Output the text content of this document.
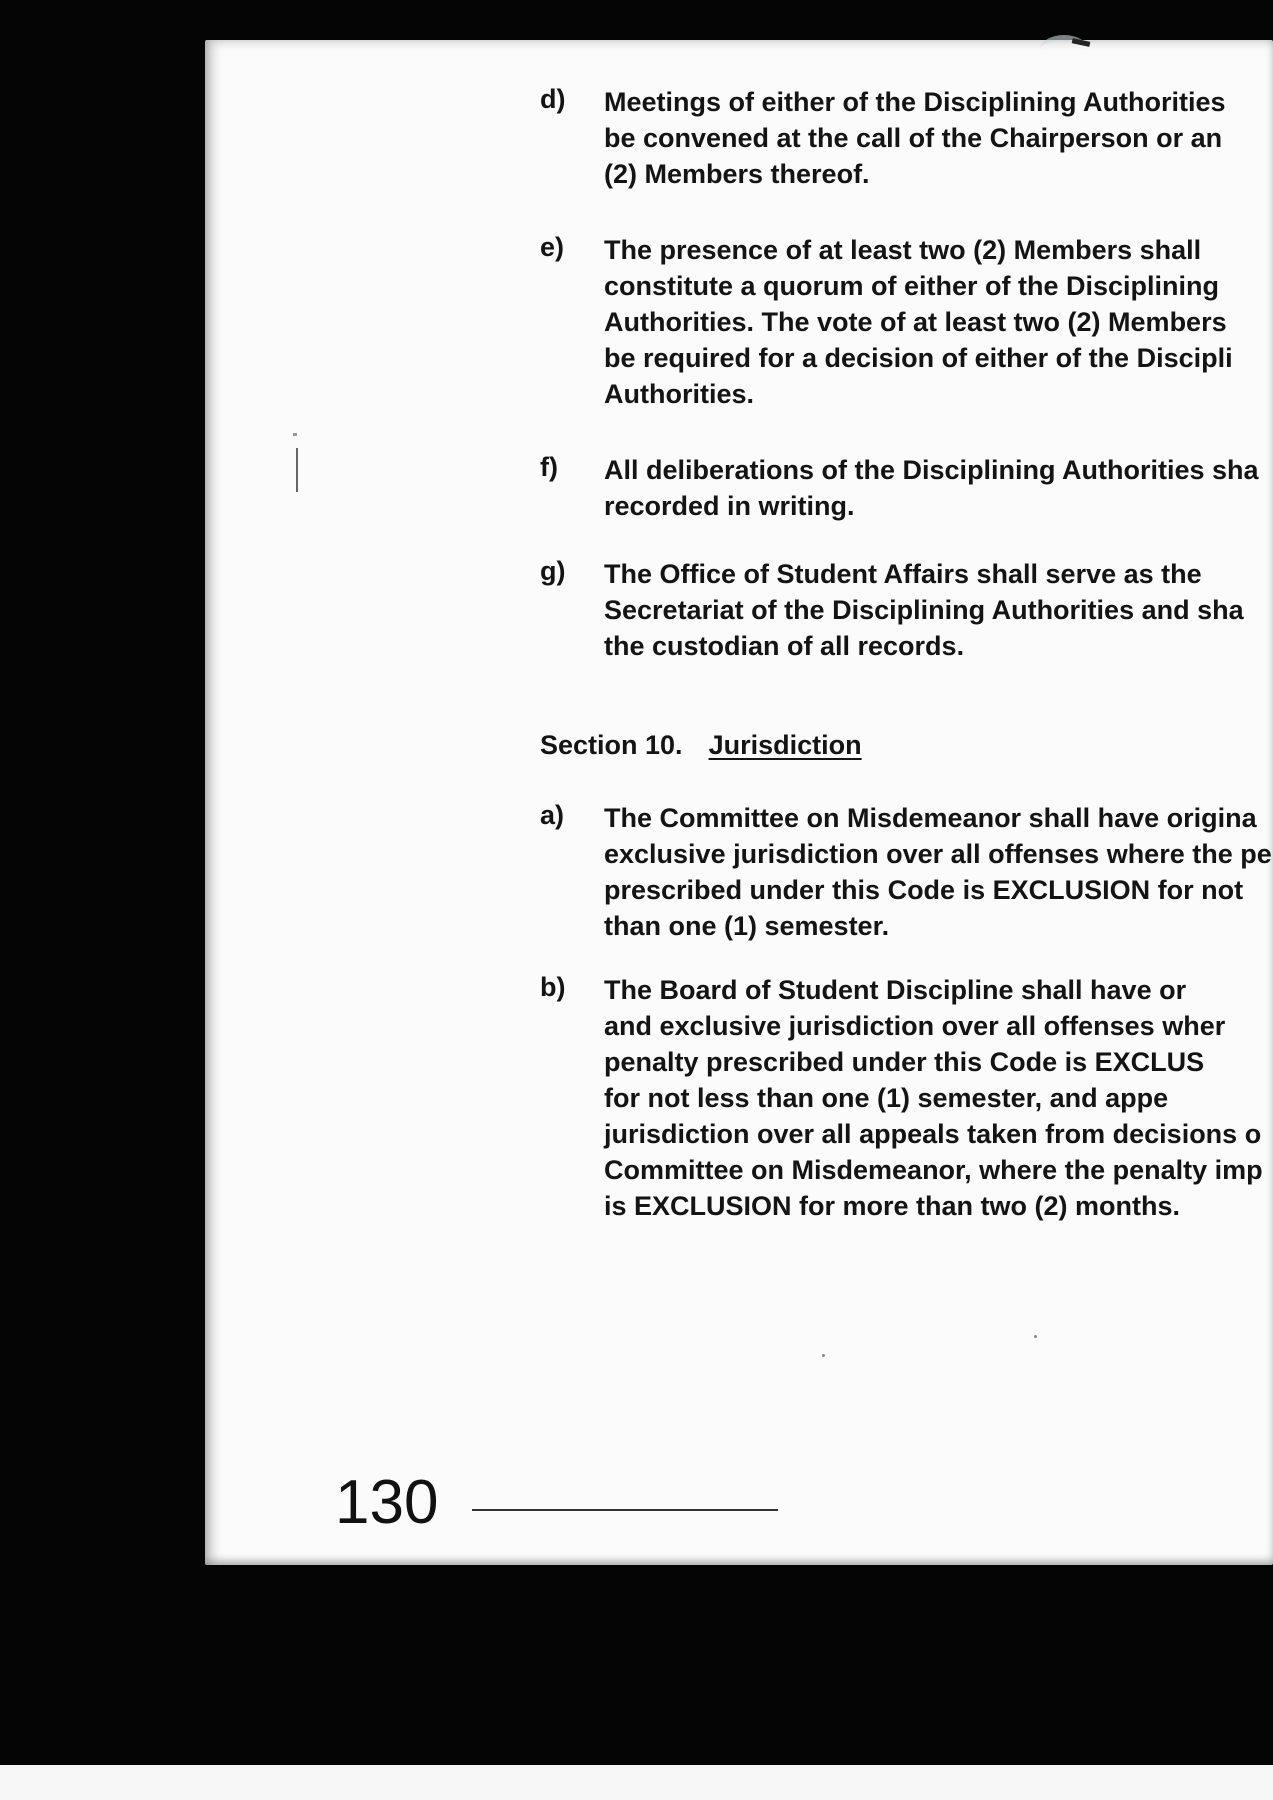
d) Meetings of either of the Disciplining Authorities
be convened at the call of the Chairperson or an
(2) Members thereof.
e) The presence of at least two (2) Members shall
constitute a quorum of either of the Disciplining
Authorities. The vote of at least two (2) Members
be required for a decision of either of the Discipli
Authorities.
f) All deliberations of the Disciplining Authorities sha
recorded in writing.
g) The Office of Student Affairs shall serve as the
Secretariat of the Disciplining Authorities and sha
the custodian of all records.
Section 10. Jurisdiction
a) The Committee on Misdemeanor shall have origina
exclusive jurisdiction over all offenses where the pe
prescribed under this Code is EXCLUSION for not
than one (1) semester.
b) The Board of Student Discipline shall have or
and exclusive jurisdiction over all offenses wher
penalty prescribed under this Code is EXCLUS
for not less than one (1) semester, and appe
jurisdiction over all appeals taken from decisions o
Committee on Misdemeanor, where the penalty imp
is EXCLUSION for more than two (2) months.
130
